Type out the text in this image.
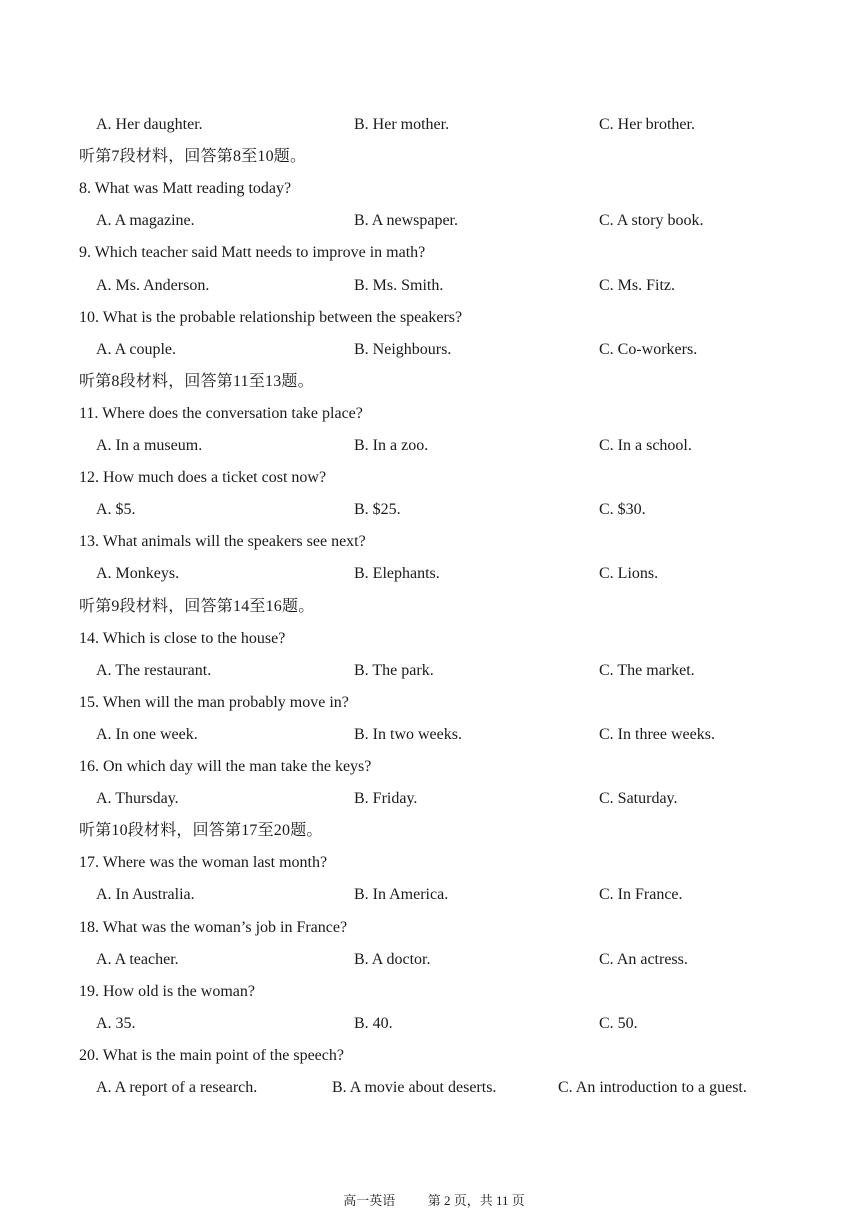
A. Her daughter.	B. Her mother.	C. Her brother.
听第7段材料，回答第8至10题。
8. What was Matt reading today?
A. A magazine.	B. A newspaper.	C. A story book.
9. Which teacher said Matt needs to improve in math?
A. Ms. Anderson.	B. Ms. Smith.	C. Ms. Fitz.
10. What is the probable relationship between the speakers?
A. A couple.	B. Neighbours.	C. Co-workers.
听第8段材料，回答第11至13题。
11. Where does the conversation take place?
A. In a museum.	B. In a zoo.	C. In a school.
12. How much does a ticket cost now?
A. $5.	B. $25.	C. $30.
13. What animals will the speakers see next?
A. Monkeys.	B. Elephants.	C. Lions.
听第9段材料，回答第14至16题。
14. Which is close to the house?
A. The restaurant.	B. The park.	C. The market.
15. When will the man probably move in?
A. In one week.	B. In two weeks.	C. In three weeks.
16. On which day will the man take the keys?
A. Thursday.	B. Friday.	C. Saturday.
听第10段材料，回答第17至20题。
17. Where was the woman last month?
A. In Australia.	B. In America.	C. In France.
18. What was the woman’s job in France?
A. A teacher.	B. A doctor.	C. An actress.
19. How old is the woman?
A. 35.	B. 40.	C. 50.
20. What is the main point of the speech?
A. A report of a research.	B. A movie about deserts.	C. An introduction to a guest.
高一英语	第 2 页，共 11 页
